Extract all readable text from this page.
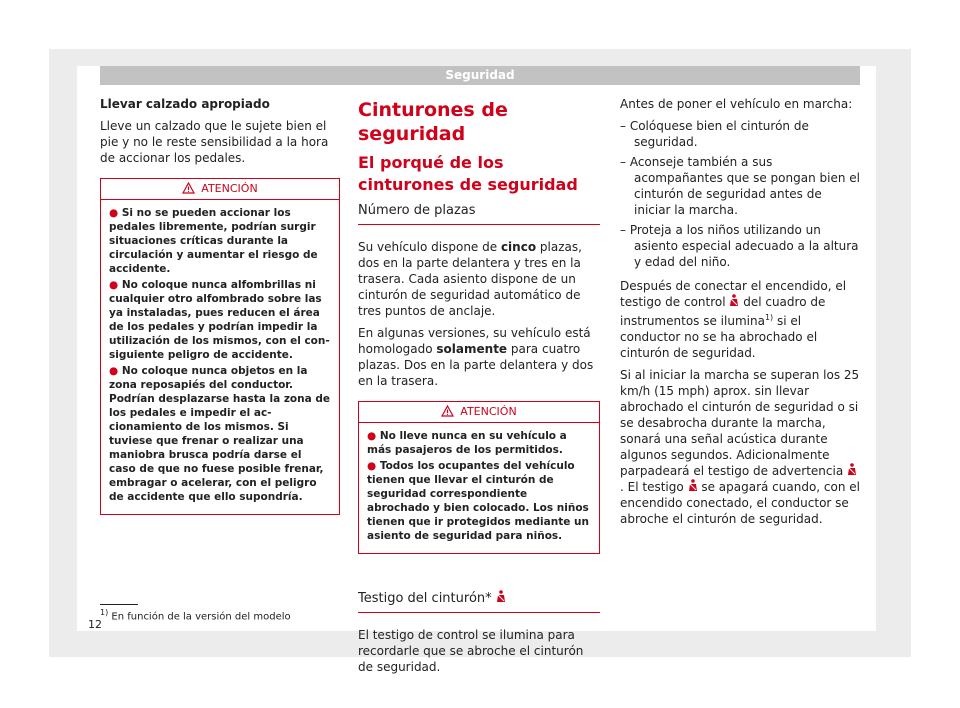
Seguridad

Llevar calzado apropiado

Lleve un calzado que le sujete bien el pie y no le reste sensibilidad a la hora de accionar los pedales.

ATENCIÓN
● Si no se pueden accionar los pedales libremente, podrían surgir situaciones críticas durante la circulación y aumentar el riesgo de accidente.
● No coloque nunca alfombrillas ni cualquier otro alfombrado sobre las ya instaladas, pues reducen el área de los pedales y podrían impedir la utilización de los mismos, con el consiguiente peligro de accidente.
● No coloque nunca objetos en la zona reposapiés del conductor. Podrían desplazarse hasta la zona de los pedales e impedir el accionamiento de los mismos. Si tuviese que frenar o realizar una maniobra brusca podría darse el caso de que no fuese posible frenar, embragar o acelerar, con el peligro de accidente que ello supondría.
Cinturones de seguridad
El porqué de los cinturones de seguridad
Número de plazas

Su vehículo dispone de cinco plazas, dos en la parte delantera y tres en la trasera. Cada asiento dispone de un cinturón de seguridad automático de tres puntos de anclaje.

En algunas versiones, su vehículo está homologado solamente para cuatro plazas. Dos en la parte delantera y dos en la trasera.

ATENCIÓN
● No lleve nunca en su vehículo a más pasajeros de los permitidos.
● Todos los ocupantes del vehículo tienen que llevar el cinturón de seguridad correspondiente abrochado y bien colocado. Los niños tienen que ir protegidos mediante un asiento de seguridad para niños.
Testigo del cinturón*

El testigo de control se ilumina para recordarle que se abroche el cinturón de seguridad.

Antes de poner el vehículo en marcha:

– Colóquese bien el cinturón de seguridad.
– Aconseje también a sus acompañantes que se pongan bien el cinturón de seguridad antes de iniciar la marcha.
– Proteja a los niños utilizando un asiento especial adecuado a la altura y edad del niño.

Después de conectar el encendido, el testigo de control  del cuadro de instrumentos se ilumina$^{1)}$ si el conductor no se ha abrochado el cinturón de seguridad.

Si al iniciar la marcha se superan los 25 km/h (15 mph) aprox. sin llevar abrochado el cinturón de seguridad o si se desabrocha durante la marcha, sonará una señal acústica durante algunos segundos. Adicionalmente parpadeará el testigo de advertencia . El testigo  se apagará cuando, con el encendido conectado, el conductor se abroche el cinturón de seguridad.

$^{1)}$ En función de la versión del modelo
12
